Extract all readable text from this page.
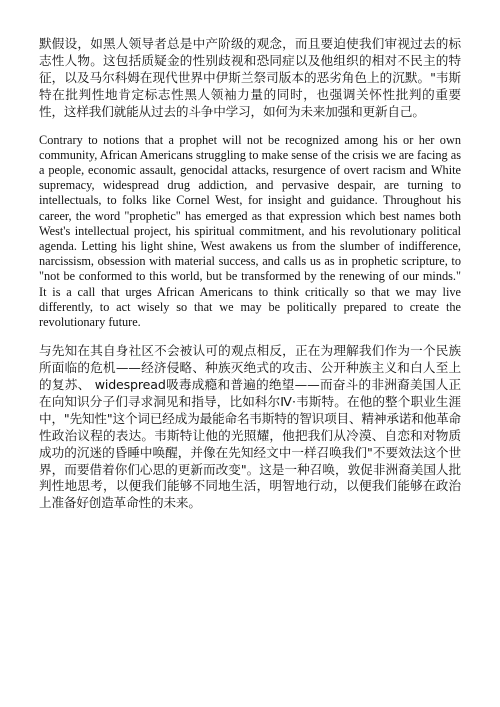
默假设，如黑人领导者总是中产阶级的观念，而且要迫使我们审视过去的标志性人物。这包括质疑金的性别歧视和恐同症以及他组织的相对不民主的特征，以及马尔科姆在现代世界中伊斯兰祭司版本的恶劣角色上的沉默。"韦斯特在批判性地肯定标志性黑人领袖力量的同时，也强调关怀性批判的重要性，这样我们就能从过去的斗争中学习，如何为未来加强和更新自己。

Contrary to notions that a prophet will not be recognized among his or her own community, African Americans struggling to make sense of the crisis we are facing as a people, economic assault, genocidal attacks, resurgence of overt racism and White supremacy, widespread drug addiction, and pervasive despair, are turning to intellectuals, to folks like Cornel West, for insight and guidance. Throughout his career, the word "prophetic" has emerged as that expression which best names both West's intellectual project, his spiritual commitment, and his revolutionary political agenda. Letting his light shine, West awakens us from the slumber of indifference, narcissism, obsession with material success, and calls us as in prophetic scripture, to "not be conformed to this world, but be transformed by the renewing of our minds." It is a call that urges African Americans to think critically so that we may live differently, to act wisely so that we may be politically prepared to create the revolutionary future.

与先知在其自身社区不会被认可的观点相反，正在为理解我们作为一个民族所面临的危机——经济侵略、种族灭绝式的攻击、公开种族主义和白人至上的复苏、 widespread吸毒成瘾和普遍的绝望——而奋斗的非洲裔美国人正在向知识分子们寻求洞见和指导，比如科尔Ⅳ·韦斯特。在他的整个职业生涯中，"先知性"这个词已经成为最能命名韦斯特的智识项目、精神承诺和他革命性政治议程的表达。韦斯特让他的光照耀，他把我们从冷漠、自恋和对物质成功的沉迷的昏睡中唤醒，并像在先知经文中一样召唤我们"不要效法这个世界，而要借着你们心思的更新而改变"。这是一种召唤，敦促非洲裔美国人批判性地思考，以便我们能够不同地生活，明智地行动，以便我们能够在政治上准备好创造革命性的未来。
